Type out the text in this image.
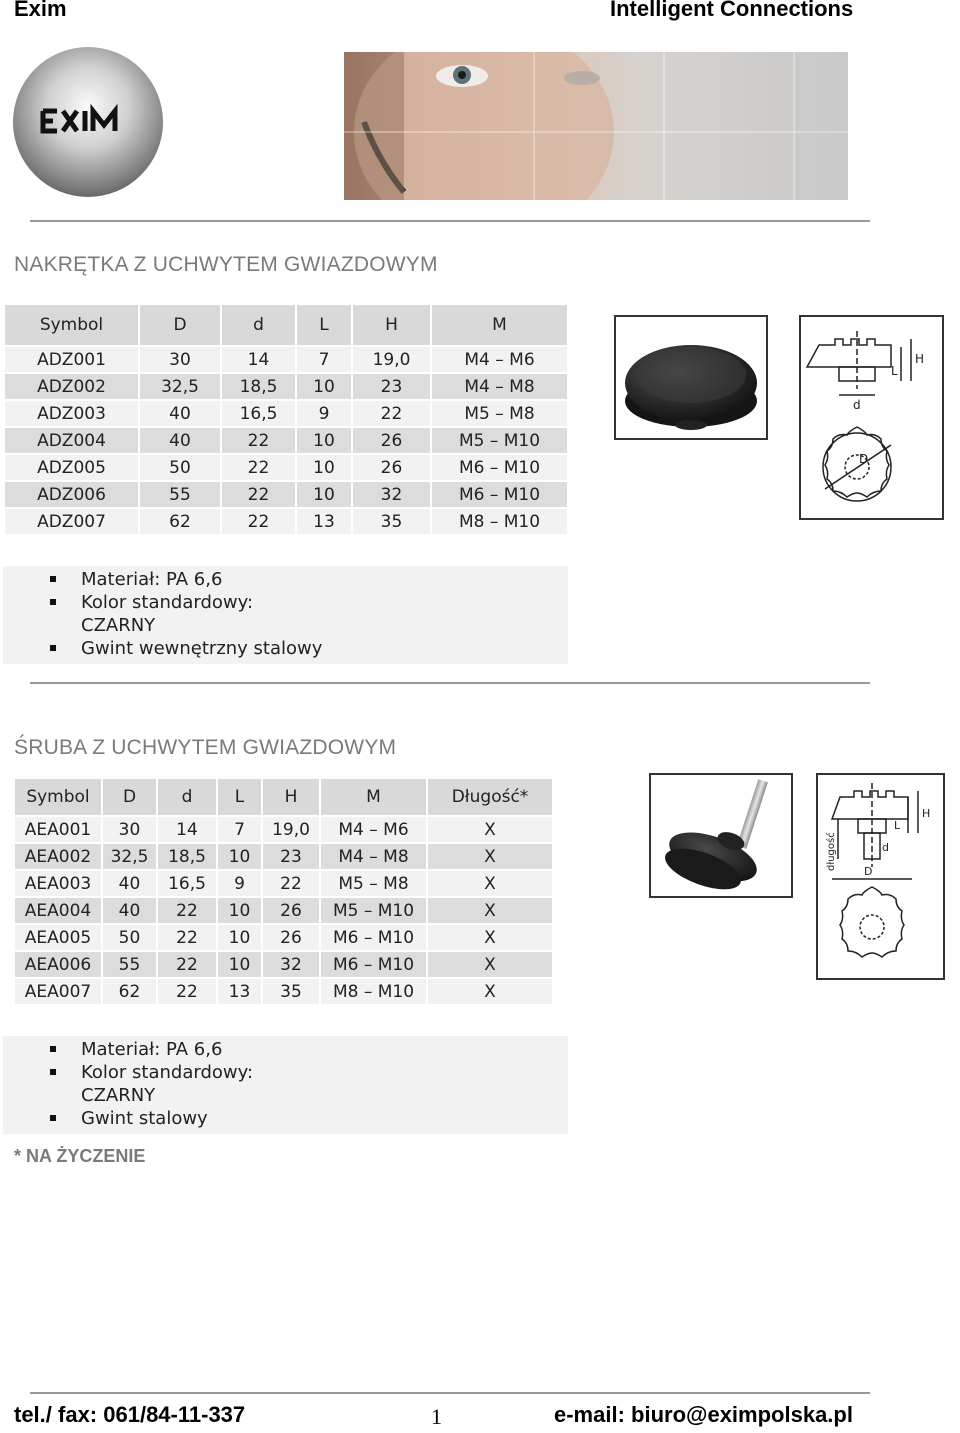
Exim	Intelligent Connections
NAKRĘTKA Z UCHWYTEM GWIAZDOWYM
Symbol	D	d	L	H	M
ADZ001	30	14	7	19,0	M4 – M6
ADZ002	32,5	18,5	10	23	M4 – M8
ADZ003	40	16,5	9	22	M5 – M8
ADZ004	40	22	10	26	M5 – M10
ADZ005	50	22	10	26	M6 – M10
ADZ006	55	22	10	32	M6 – M10
ADZ007	62	22	13	35	M8 – M10
Materiał: PA 6,6
Kolor standardowy:
CZARNY
Gwint wewnętrzny stalowy
H
L
d
D
ŚRUBA Z UCHWYTEM GWIAZDOWYM
Symbol	D	d	L	H	M	Długość*
AEA001	30	14	7	19,0	M4 – M6	X
AEA002	32,5	18,5	10	23	M4 – M8	X
AEA003	40	16,5	9	22	M5 – M8	X
AEA004	40	22	10	26	M5 – M10	X
AEA005	50	22	10	26	M6 – M10	X
AEA006	55	22	10	32	M6 – M10	X
AEA007	62	22	13	35	M8 – M10	X
Materiał: PA 6,6
Kolor standardowy:
CZARNY
Gwint stalowy
* NA ŻYCZENIE
H
L
d
D
długość
tel./ fax: 061/84-11-337	1	e-mail: biuro@eximpolska.pl
